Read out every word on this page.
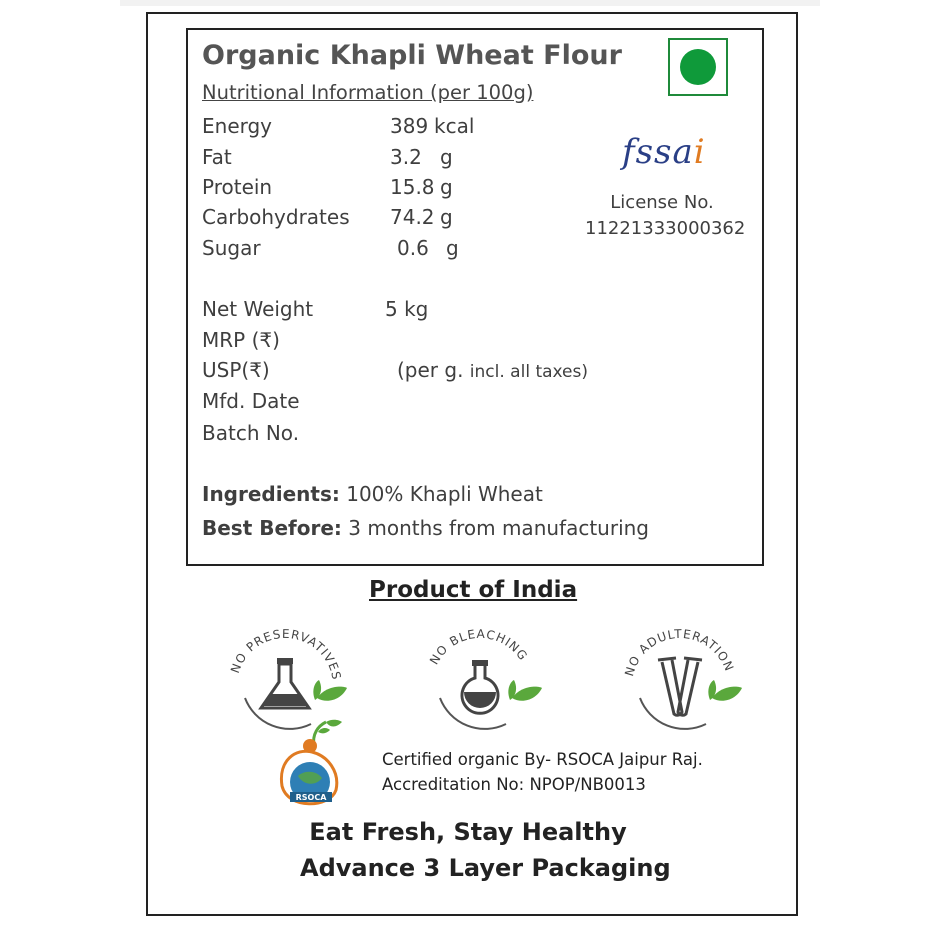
Organic Khapli Wheat Flour
Nutritional Information (per 100g)
Energy	389 kcal
Fat	3.2 g
Protein	15.8 g
Carbohydrates 74.2 g
Sugar	0.6 g
Net Weight	5 kg
MRP (₹)
USP(₹)	(per g. incl. all taxes)
Mfd. Date
Batch No.
Ingredients: 100% Khapli Wheat
Best Before: 3 months from manufacturing
fssai
License No.
11221333000362
Product of India
NO PRESERVATIVES
NO BLEACHING
NO ADULTERATION
RSOCA
Certified organic By- RSOCA Jaipur Raj.
Accreditation No: NPOP/NB0013
Eat Fresh, Stay Healthy
Advance 3 Layer Packaging
